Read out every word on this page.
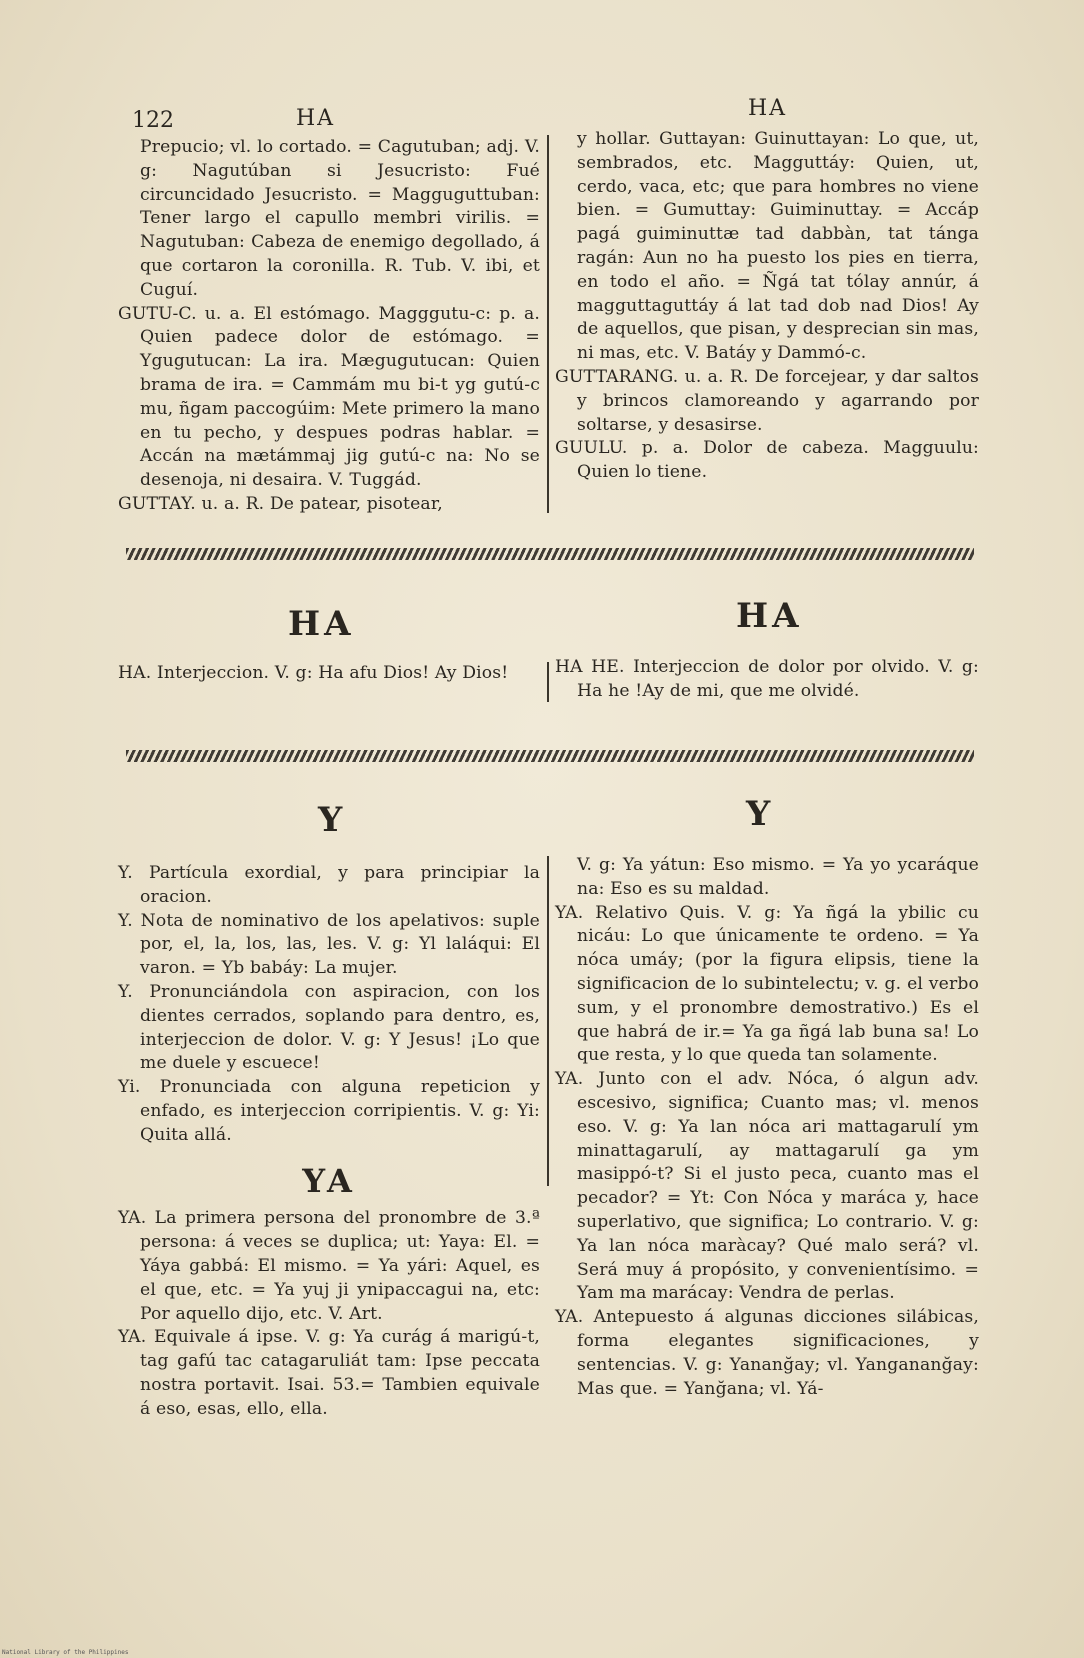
122	HA	HA

Prepucio; vl. lo cortado. = Cagutuban; adj. V. g: Nagutúban si Jesucristo: Fué circuncidado Jesucristo. = Magguguttuban: Tener largo el capullo membri virilis. = Nagutuban: Cabeza de enemigo degollado, á que cortaron la coronilla. R. Tub. V. ibi, et Cuguí.

GUTU-C. u. a. El estómago. Magggutu-c: p. a. Quien padece dolor de estómago. = Ygugutucan: La ira. Mægugutucan: Quien brama de ira. = Cammám mu bi-t yg gutú-c mu, ñgam paccogúim: Mete primero la mano en tu pecho, y despues podras hablar. = Accán na mætámmaj jig gutú-c na: No se desenoja, ni desaira. V. Tuggád.

GUTTAY. u. a. R. De patear, pisotear,

y hollar. Guttayan: Guinuttayan: Lo que, ut, sembrados, etc. Magguttáy: Quien, ut, cerdo, vaca, etc; que para hombres no viene bien. = Gumuttay: Guiminuttay. = Accáp pagá guiminuttæ tad dabbàn, tat tánga ragán: Aun no ha puesto los pies en tierra, en todo el año. = Ñgá tat tólay annúr, á magguttaguttáy á lat tad dob nad Dios! Ay de aquellos, que pisan, y desprecian sin mas, ni mas, etc. V. Batáy y Dammó-c.

GUTTARANG. u. a. R. De forcejear, y dar saltos y brincos clamoreando y agarrando por soltarse, y desasirse.

GUULU. p. a. Dolor de cabeza. Magguulu: Quien lo tiene.

HA	HA

HA. Interjeccion. V. g: Ha afu Dios! Ay Dios!	HA HE. Interjeccion de dolor por olvido. V. g: Ha he !Ay de mi, que me olvidé.

Y	Y

Y. Partícula exordial, y para principiar la oracion.

Y. Nota de nominativo de los apelativos: suple por, el, la, los, las, les. V. g: Yl laláqui: El varon. = Yb babáy: La mujer.

Y. Pronunciándola con aspiracion, con los dientes cerrados, soplando para dentro, es, interjeccion de dolor. V. g: Y Jesus! ¡Lo que me duele y escuece!

Yi. Pronunciada con alguna repeticion y enfado, es interjeccion corripientis. V. g: Yi: Quita allá.

YA

YA. La primera persona del pronombre de 3.ª persona: á veces se duplica; ut: Yaya: El. = Yáya gabbá: El mismo. = Ya yári: Aquel, es el que, etc. = Ya yuj ji ynipaccagui na, etc: Por aquello dijo, etc. V. Art.

YA. Equivale á ipse. V. g: Ya curág á marigú-t, tag gafú tac catagaruliát tam: Ipse peccata nostra portavit. Isai. 53.= Tambien equivale á eso, esas, ello, ella.

V. g: Ya yátun: Eso mismo. = Ya yo ycaráque na: Eso es su maldad.

YA. Relativo Quis. V. g: Ya ñgá la ybilic cu nicáu: Lo que únicamente te ordeno. = Ya nóca umáy; (por la figura elipsis, tiene la significacion de lo subintelectu; v. g. el verbo sum, y el pronombre demostrativo.) Es el que habrá de ir.= Ya ga ñgá lab buna sa! Lo que resta, y lo que queda tan solamente.

YA. Junto con el adv. Nóca, ó algun adv. escesivo, significa; Cuanto mas; vl. menos eso. V. g: Ya lan nóca ari mattagarulí ym minattagarulí, ay mattagarulí ga ym masippó-t? Si el justo peca, cuanto mas el pecador? = Yt: Con Nóca y maráca y, hace superlativo, que significa; Lo contrario. V. g: Ya lan nóca maràcay? Qué malo será? vl. Será muy á propósito, y convenientísimo. = Yam ma marácay: Vendra de perlas.

YA. Antepuesto á algunas dicciones silábicas, forma elegantes significaciones, y sentencias. V. g: Yananğay; vl. Yangananğay: Mas que. = Yanğana; vl. Yá-

National Library of the Philippines
